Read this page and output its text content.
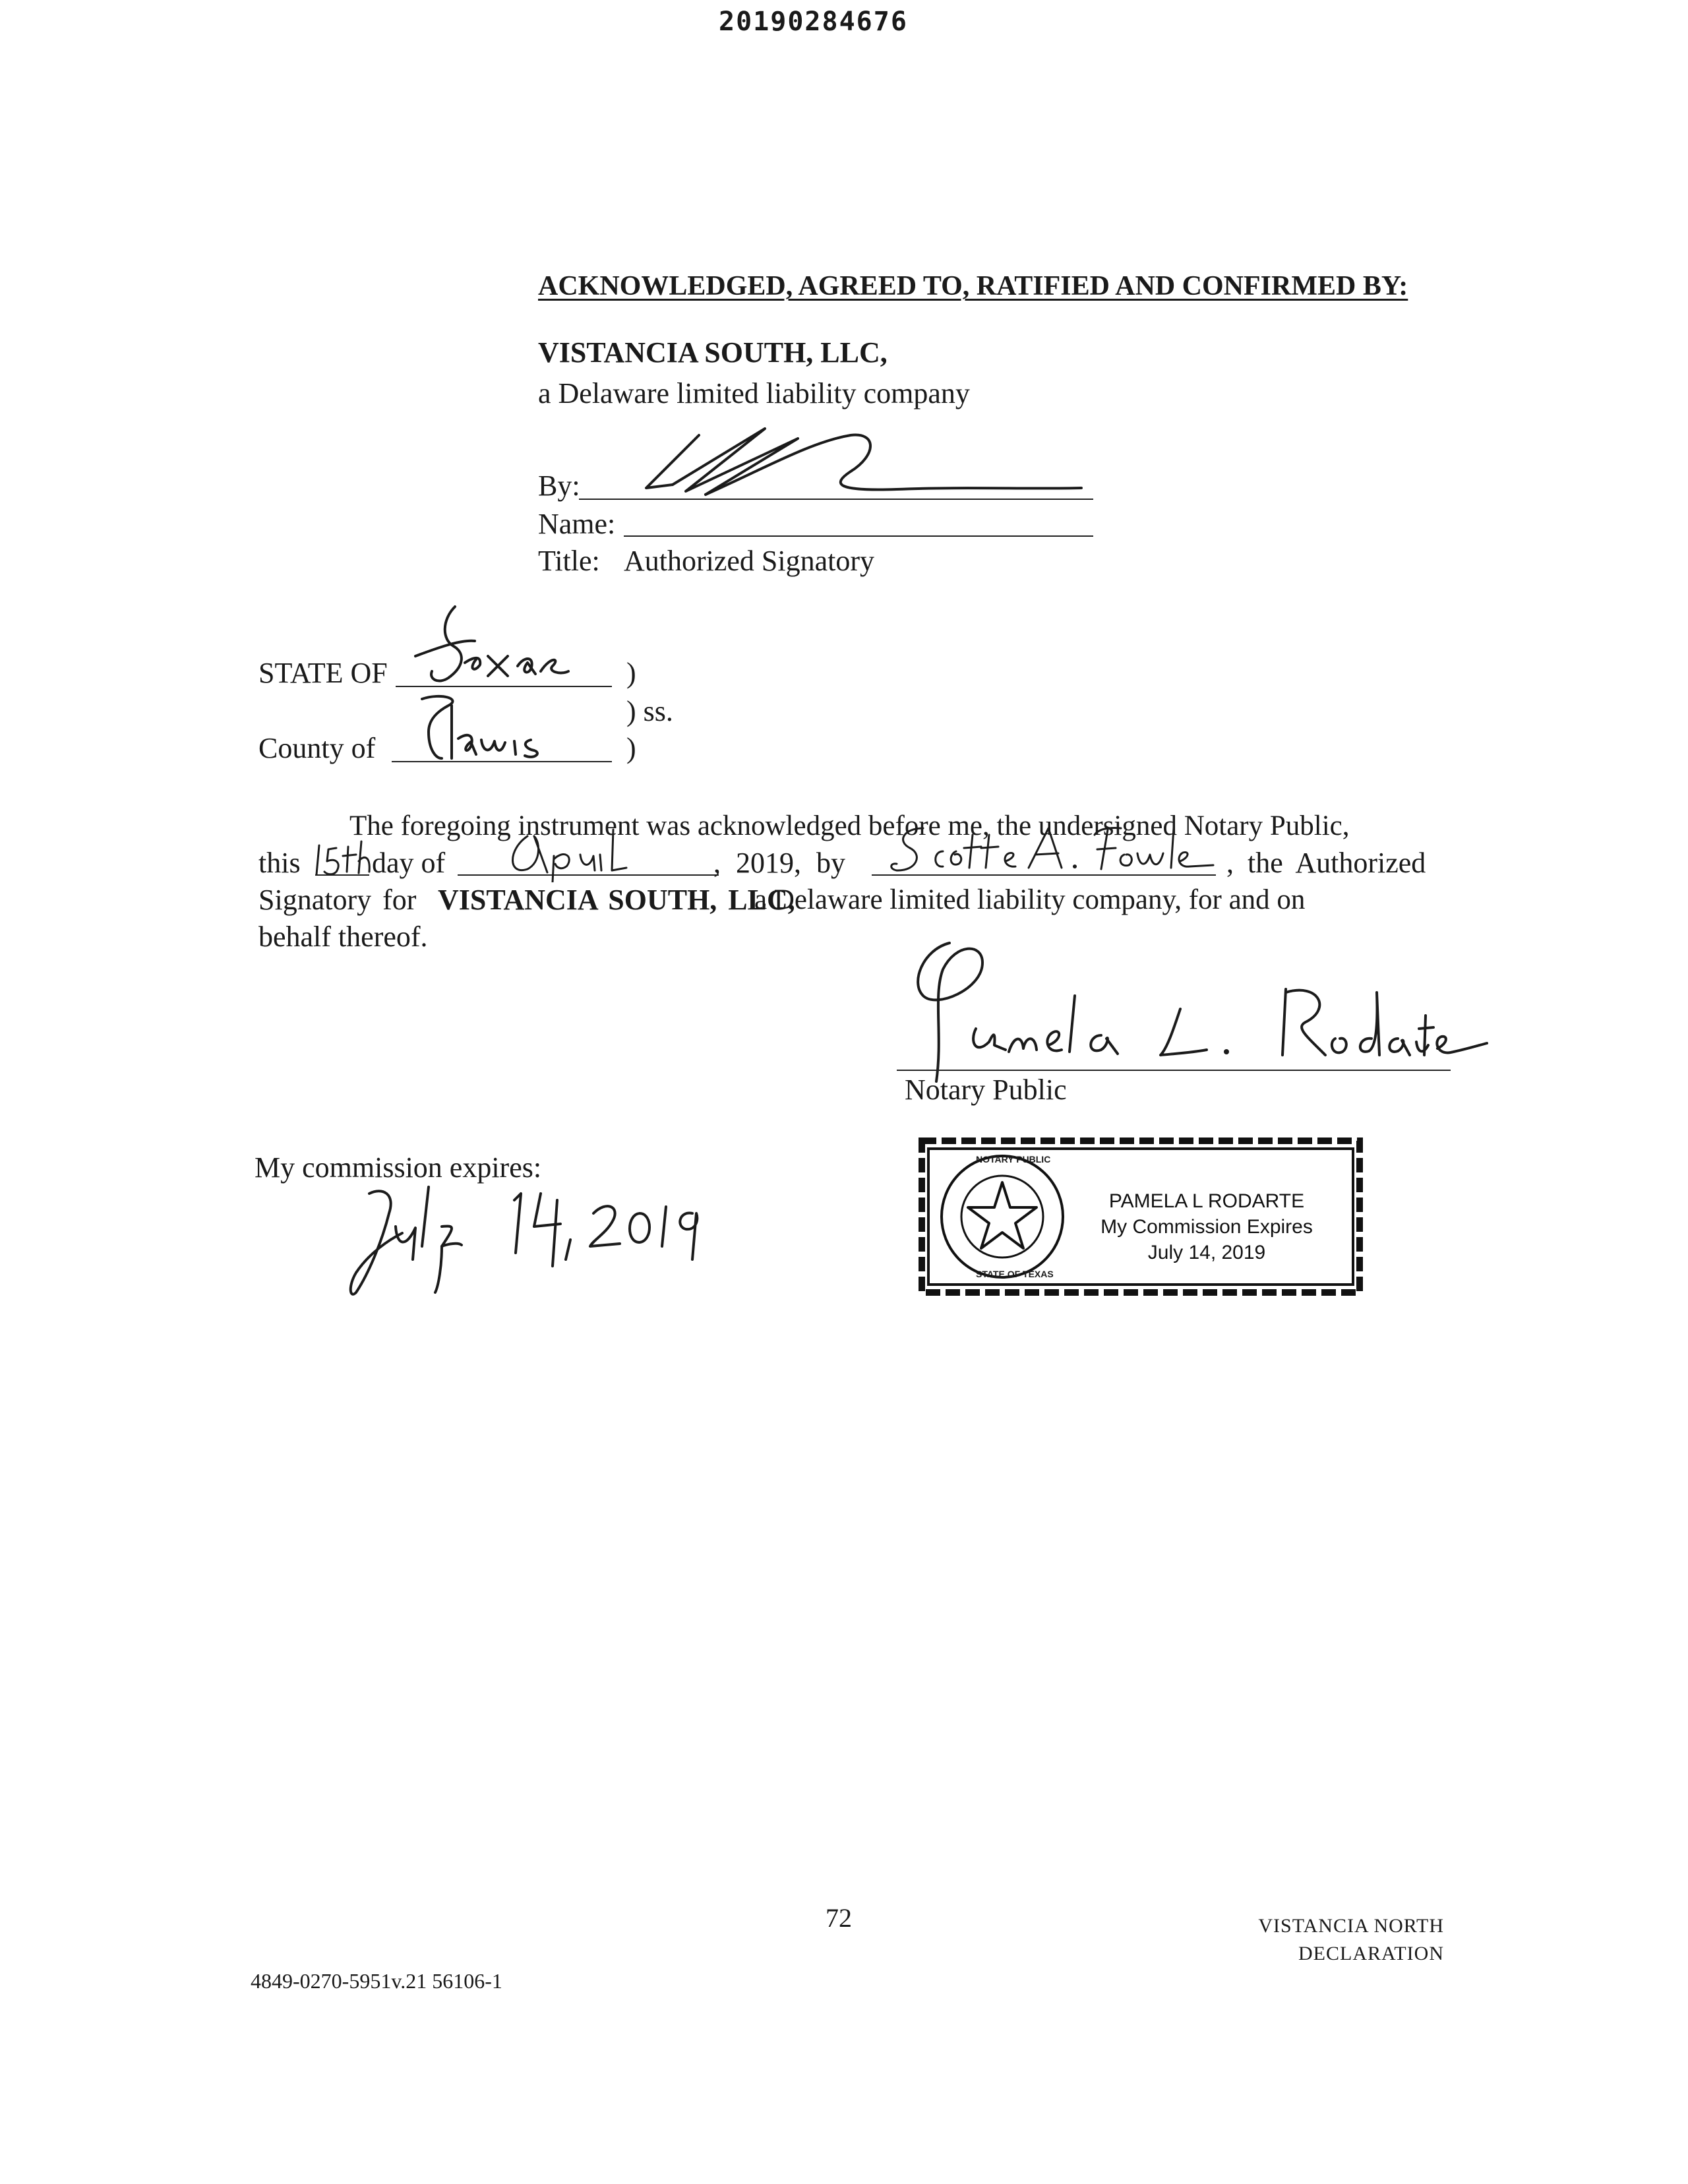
20190284676
ACKNOWLEDGED, AGREED TO, RATIFIED AND CONFIRMED BY:
VISTANCIA SOUTH, LLC,
a Delaware limited liability company
By:
Name:
Title: Authorized Signatory
STATE OF	)
) ss.
County of	)
The foregoing instrument was acknowledged before me, the undersigned Notary Public,
this day of	, 2019, by	, the Authorized
Signatory for VISTANCIA SOUTH, LLC,
a Delaware limited liability company, for and on
behalf thereof.
Notary Public
My commission expires:	NOTARY PUBLIC
STATE OF TEXAS
PAMELA L RODARTE
My Commission Expires
July 14, 2019
72	VISTANCIA NORTH
DECLARATION
4849-0270-5951v.21 56106-1
